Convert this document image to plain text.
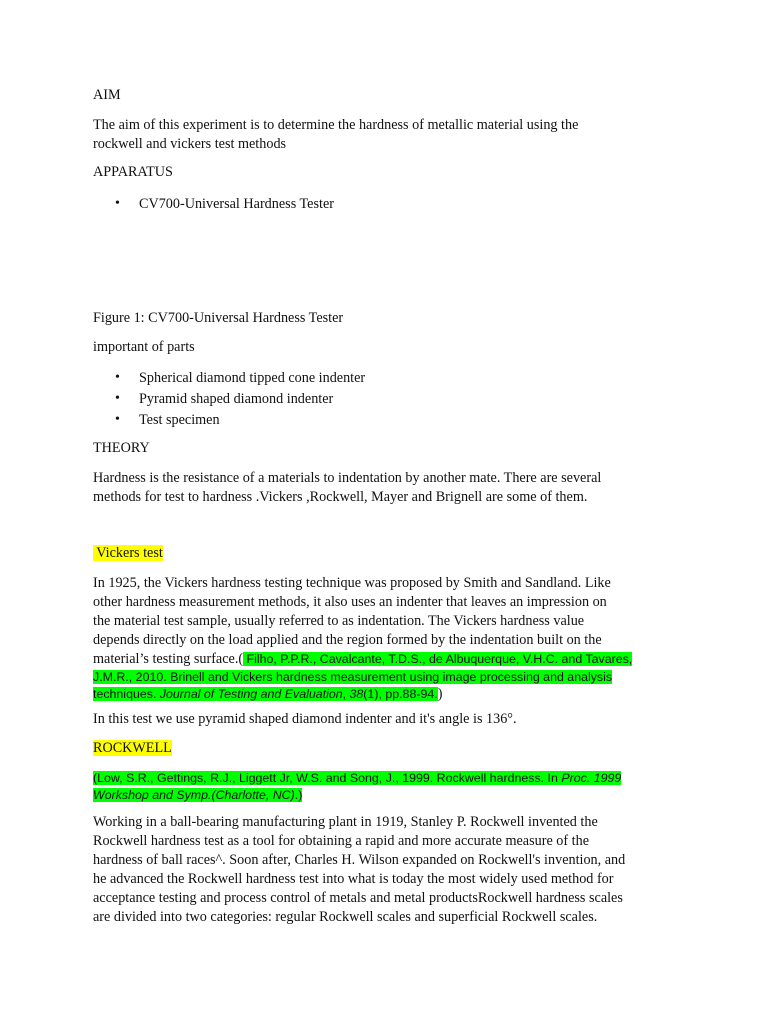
AIM

The aim of this experiment is to determine the hardness of metallic material using the

rockwell and vickers test methods

APPARATUS
• CV700-Universal Hardness Tester
Figure 1: CV700-Universal Hardness Tester
important of parts
• Spherical diamond tipped cone indenter
• Pyramid shaped diamond indenter
• Test specimen
THEORY

Hardness is the resistance of a materials to indentation by another mate. There are several

methods for test to hardness .Vickers ,Rockwell, Mayer and Brignell are some of them.

Vickers test

In 1925, the Vickers hardness testing technique was proposed by Smith and Sandland. Like

other hardness measurement methods, it also uses an indenter that leaves an impression on

the material test sample, usually referred to as indentation. The Vickers hardness value

depends directly on the load applied and the region formed by the indentation built on the

material’s testing surface.( Filho, P.P.R., Cavalcante, T.D.S., de Albuquerque, V.H.C. and Tavares,

J.M.R., 2010. Brinell and Vickers hardness measurement using image processing and analysis

techniques. Journal of Testing and Evaluation, 38(1), pp.88-94.)

In this test we use pyramid shaped diamond indenter and it's angle is 136°.
ROCKWELL
(Low, S.R., Gettings, R.J., Liggett Jr, W.S. and Song, J., 1999. Rockwell hardness. In Proc. 1999
Workshop and Symp.(Charlotte, NC).)

Working in a ball-bearing manufacturing plant in 1919, Stanley P. Rockwell invented the

Rockwell hardness test as a tool for obtaining a rapid and more accurate measure of the

hardness of ball races^. Soon after, Charles H. Wilson expanded on Rockwell's invention, and

he advanced the Rockwell hardness test into what is today the most widely used method for

acceptance testing and process control of metals and metal productsRockwell hardness scales

are divided into two categories: regular Rockwell scales and superficial Rockwell scales.
